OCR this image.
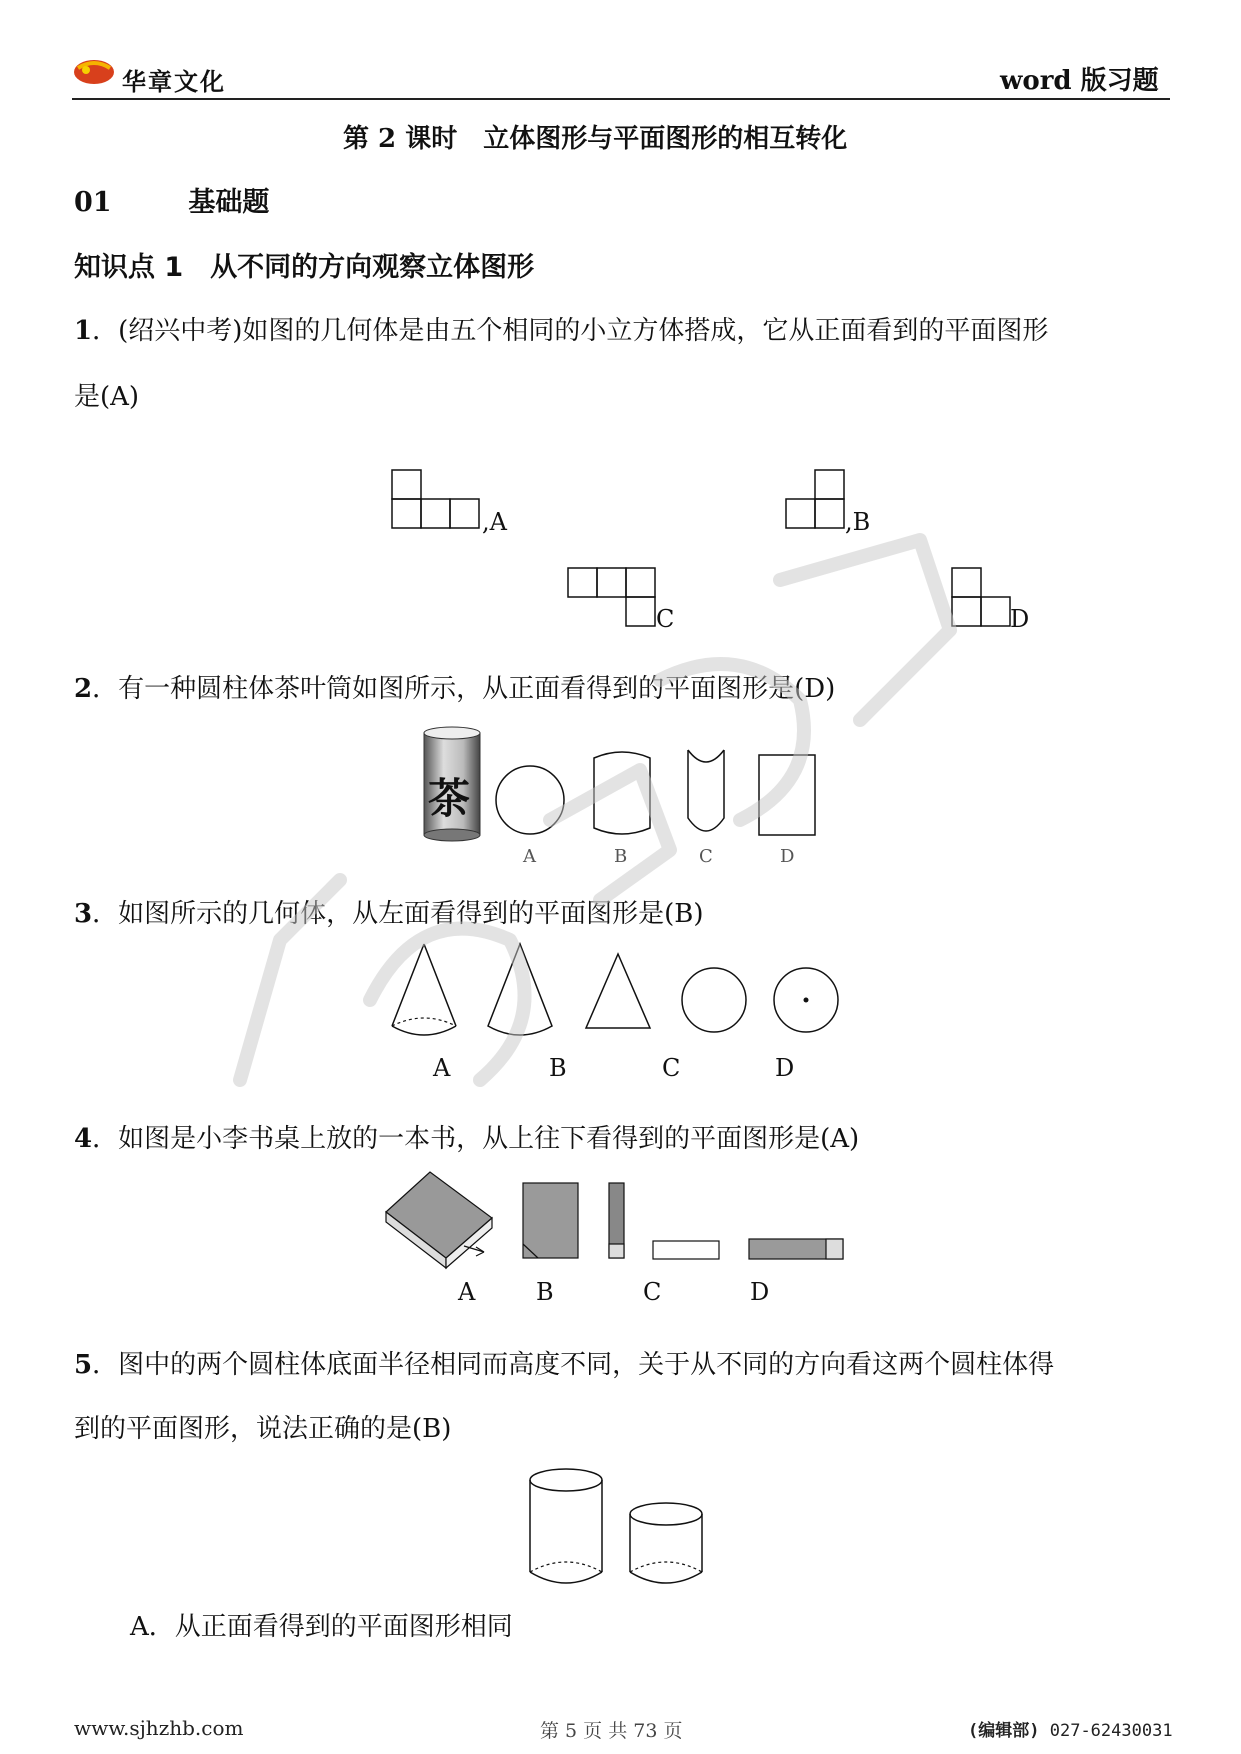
华章文化	word 版习题
第 2 课时　立体图形与平面图形的相互转化
01	基础题
知识点 1　从不同的方向观察立体图形
1．(绍兴中考)如图的几何体是由五个相同的小立方体搭成，它从正面看到的平面图形
是(A)
,A	,B
C	D
2．有一种圆柱体茶叶筒如图所示，从正面看得到的平面图形是(D)
茶
A	B	C	D
3．如图所示的几何体，从左面看得到的平面图形是(B)
A	B	C	D
4．如图是小李书桌上放的一本书，从上往下看得到的平面图形是(A)
A	B	C	D
5．图中的两个圆柱体底面半径相同而高度不同，关于从不同的方向看这两个圆柱体得
到的平面图形，说法正确的是(B)
A．从正面看得到的平面图形相同
www.sjhzhb.com	第 5 页 共 73 页	(编辑部) 027-62430031
